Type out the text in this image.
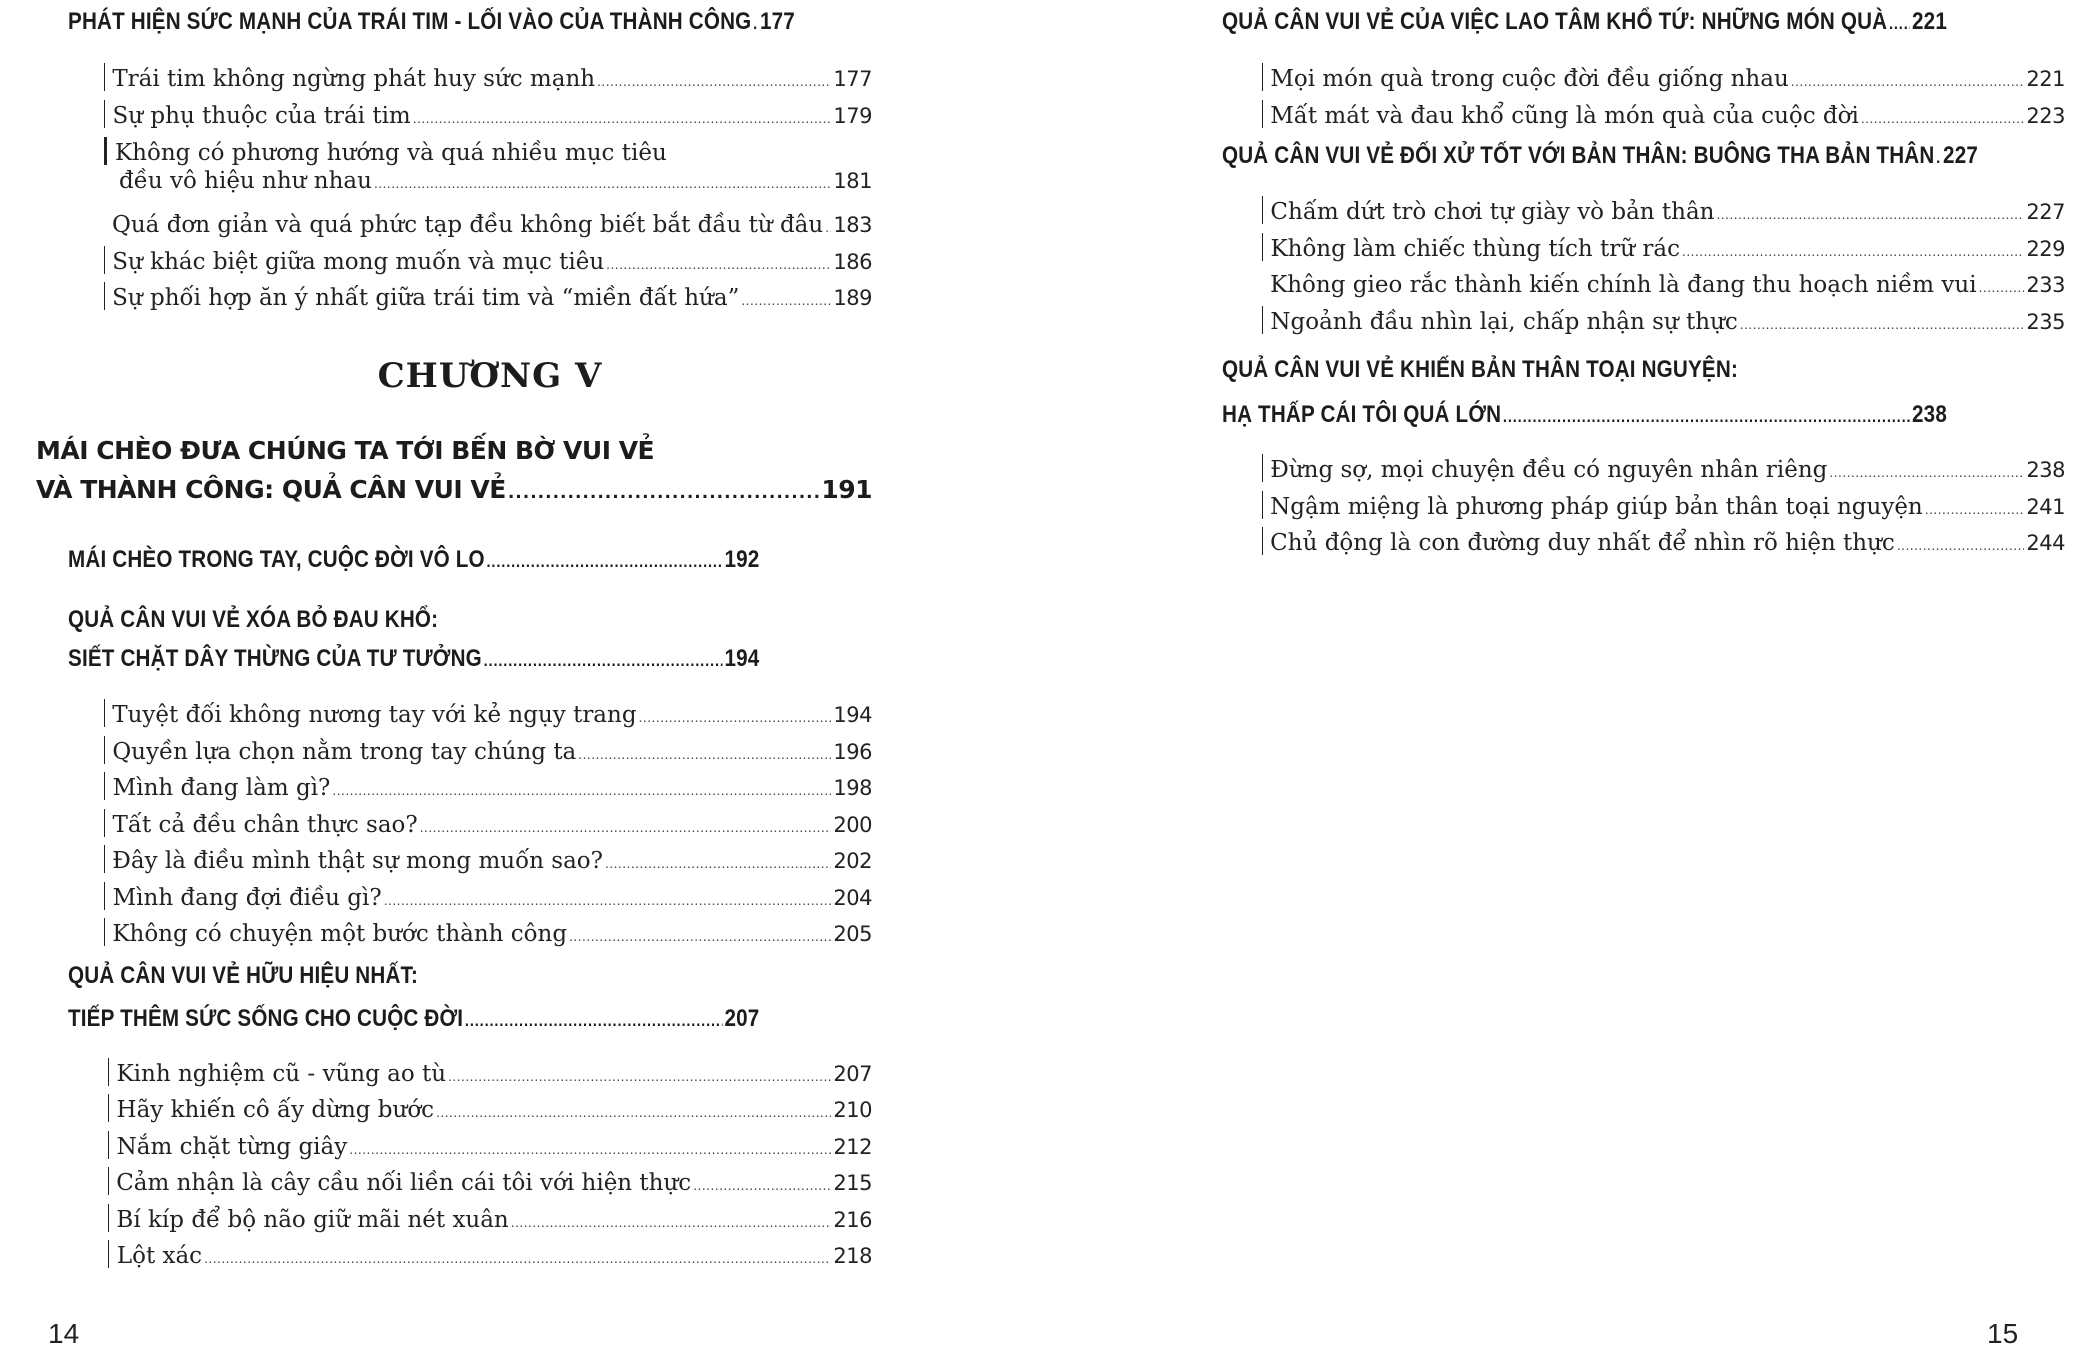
PHÁT HIỆN SỨC MẠNH CỦA TRÁI TIM - LỐI VÀO CỦA THÀNH CÔNG ..... 177
Trái tim không ngừng phát huy sức mạnh .....	177
Sự phụ thuộc của trái tim .....	179
Không có phương hướng và quá nhiều mục tiêu
đều vô hiệu như nhau .....	181
Quá đơn giản và quá phức tạp đều không biết bắt đầu từ đâu ..... 183
Sự khác biệt giữa mong muốn và mục tiêu .....	186
Sự phối hợp ăn ý nhất giữa trái tim và “miền đất hứa” .....	189
CHƯƠNG V
MÁI CHÈO ĐƯA CHÚNG TA TỚI BẾN BỜ VUI VẺ
VÀ THÀNH CÔNG: QUẢ CÂN VUI VẺ .....	191
MÁI CHÈO TRONG TAY, CUỘC ĐỜI VÔ LO .....	192
QUẢ CÂN VUI VẺ XÓA BỎ ĐAU KHỔ:
SIẾT CHẶT DÂY THỪNG CỦA TƯ TƯỞNG .....	194
Tuyệt đối không nương tay với kẻ ngụy trang .....	194
Quyền lựa chọn nằm trong tay chúng ta .....	196
Mình đang làm gì? .....	198
Tất cả đều chân thực sao? .....	200
Đây là điều mình thật sự mong muốn sao? .....	202
Mình đang đợi điều gì? .....	204
Không có chuyện một bước thành công .....	205
QUẢ CÂN VUI VẺ HỮU HIỆU NHẤT:
TIẾP THÊM SỨC SỐNG CHO CUỘC ĐỜI .....	207
Kinh nghiệm cũ - vũng ao tù .....	207
Hãy khiến cô ấy dừng bước .....	210
Nắm chặt từng giây .....	212
Cảm nhận là cây cầu nối liền cái tôi với hiện thực .....	215
Bí kíp để bộ não giữ mãi nét xuân .....	216
Lột xác .....	218
14
QUẢ CÂN VUI VẺ CỦA VIỆC LAO TÂM KHỔ TỨ: NHỮNG MÓN QUÀ ..... 221
Mọi món quà trong cuộc đời đều giống nhau .....	221
Mất mát và đau khổ cũng là món quà của cuộc đời .....	223
QUẢ CÂN VUI VẺ ĐỐI XỬ TỐT VỚI BẢN THÂN: BUÔNG THA BẢN THÂN ..... 227
Chấm dứt trò chơi tự giày vò bản thân .....	227
Không làm chiếc thùng tích trữ rác .....	229
Không gieo rắc thành kiến chính là đang thu hoạch niềm vui ..... 233
Ngoảnh đầu nhìn lại, chấp nhận sự thực .....	235
QUẢ CÂN VUI VẺ KHIẾN BẢN THÂN TOẠI NGUYỆN:
HẠ THẤP CÁI TÔI QUÁ LỚN .....	238
Đừng sợ, mọi chuyện đều có nguyên nhân riêng .....	238
Ngậm miệng là phương pháp giúp bản thân toại nguyện .....	241
Chủ động là con đường duy nhất để nhìn rõ hiện thực .....	244
15
